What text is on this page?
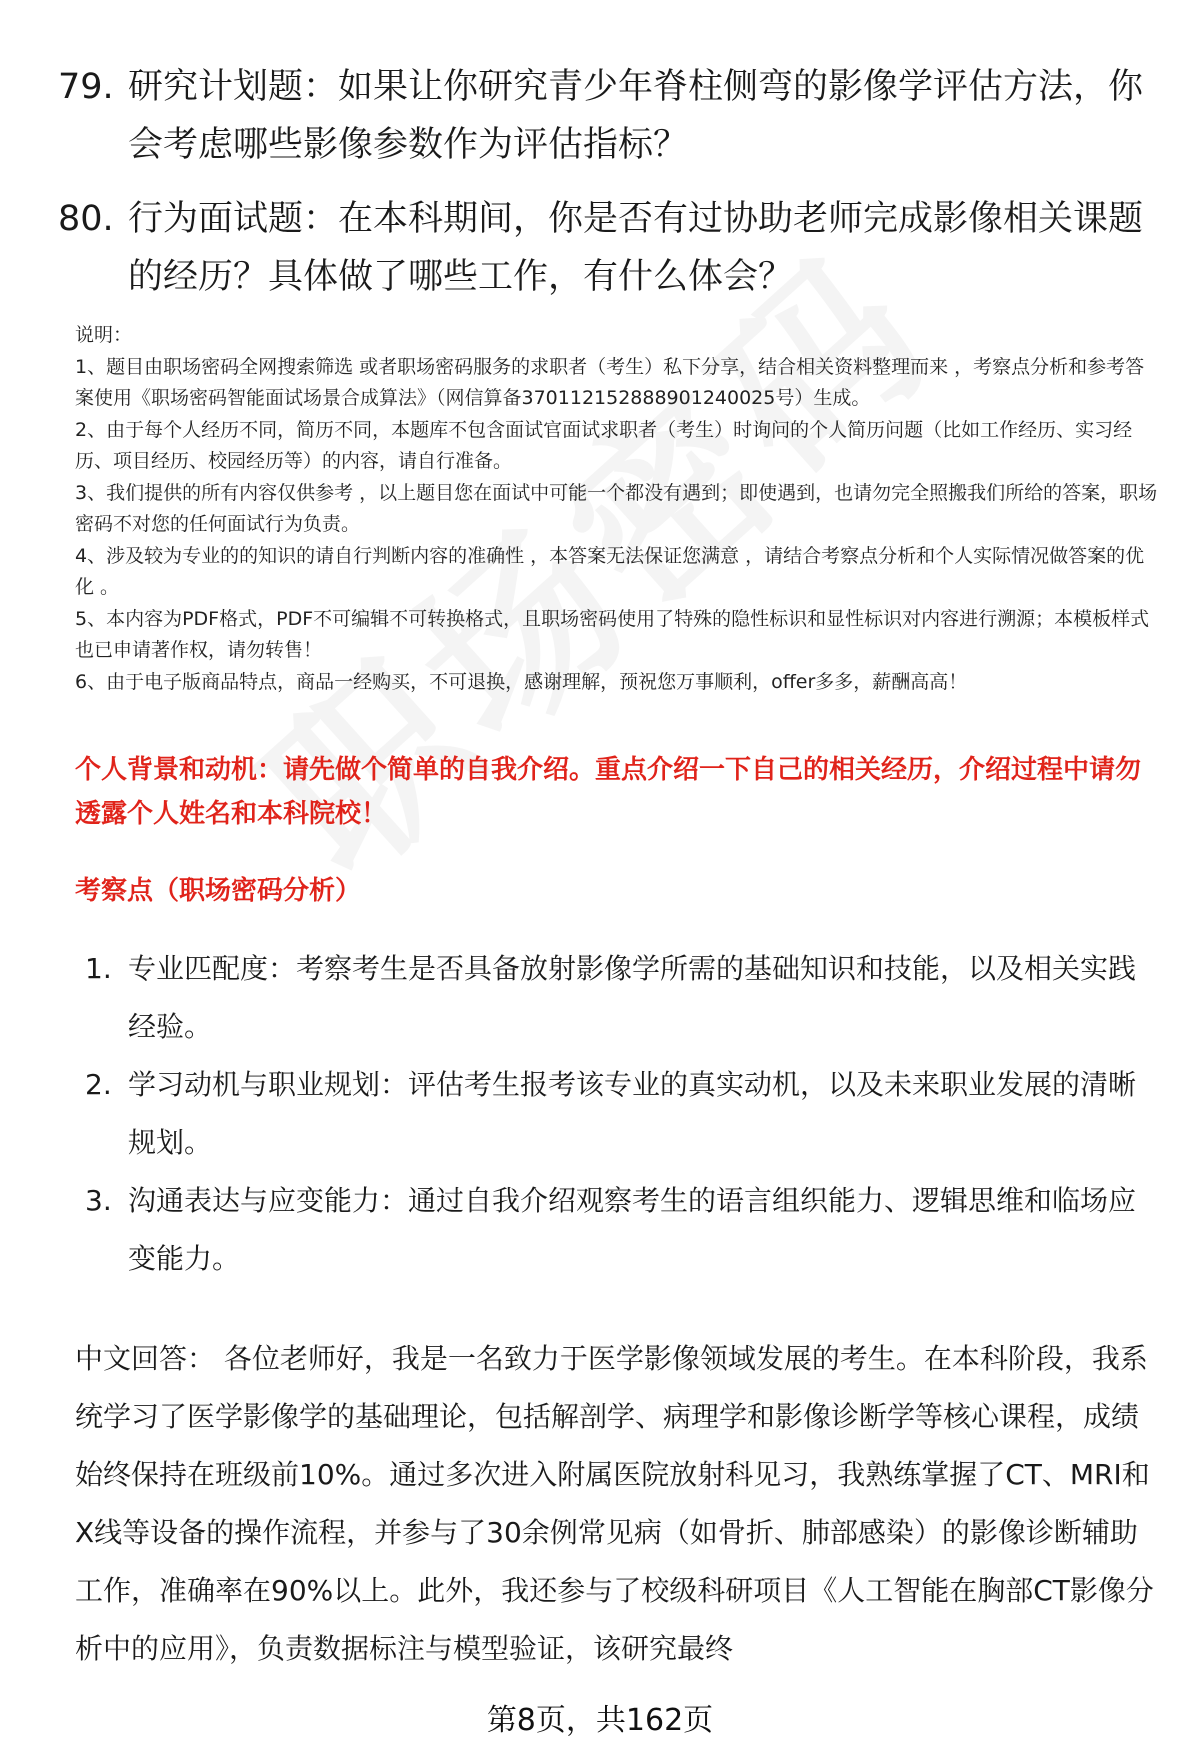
79. 研究计划题：如果让你研究青少年脊柱侧弯的影像学评估方法，你会考虑哪些影像参数作为评估指标？
80. 行为面试题：在本科期间，你是否有过协助老师完成影像相关课题的经历？具体做了哪些工作，有什么体会？
说明：
1、题目由职场密码全网搜索筛选 或者职场密码服务的求职者（考生）私下分享，结合相关资料整理而来 ，考察点分析和参考答案使用《职场密码智能面试场景合成算法》（网信算备370112152888901240025号）生成。
2、由于每个人经历不同，简历不同，本题库不包含面试官面试求职者（考生）时询问的个人简历问题（比如工作经历、实习经历、项目经历、校园经历等）的内容，请自行准备。
3、我们提供的所有内容仅供参考 ，以上题目您在面试中可能一个都没有遇到；即使遇到，也请勿完全照搬我们所给的答案，职场密码不对您的任何面试行为负责。
4、涉及较为专业的的知识的请自行判断内容的准确性 ，本答案无法保证您满意 ，请结合考察点分析和个人实际情况做答案的优化 。
5、本内容为PDF格式，PDF不可编辑不可转换格式，且职场密码使用了特殊的隐性标识和显性标识对内容进行溯源；本模板样式也已申请著作权，请勿转售！
6、由于电子版商品特点，商品一经购买，不可退换，感谢理解，预祝您万事顺利，offer多多，薪酬高高！
个人背景和动机：请先做个简单的自我介绍。重点介绍一下自己的相关经历，介绍过程中请勿透露个人姓名和本科院校！
考察点（职场密码分析）
1. 专业匹配度：考察考生是否具备放射影像学所需的基础知识和技能，以及相关实践经验。
2. 学习动机与职业规划：评估考生报考该专业的真实动机，以及未来职业发展的清晰规划。
3. 沟通表达与应变能力：通过自我介绍观察考生的语言组织能力、逻辑思维和临场应变能力。
中文回答： 各位老师好，我是一名致力于医学影像领域发展的考生。在本科阶段，我系统学习了医学影像学的基础理论，包括解剖学、病理学和影像诊断学等核心课程，成绩始终保持在班级前10%。通过多次进入附属医院放射科见习，我熟练掌握了CT、MRI和X线等设备的操作流程，并参与了30余例常见病（如骨折、肺部感染）的影像诊断辅助工作，准确率在90%以上。此外，我还参与了校级科研项目《人工智能在胸部CT影像分析中的应用》，负责数据标注与模型验证，该研究最终
第8页，共162页
